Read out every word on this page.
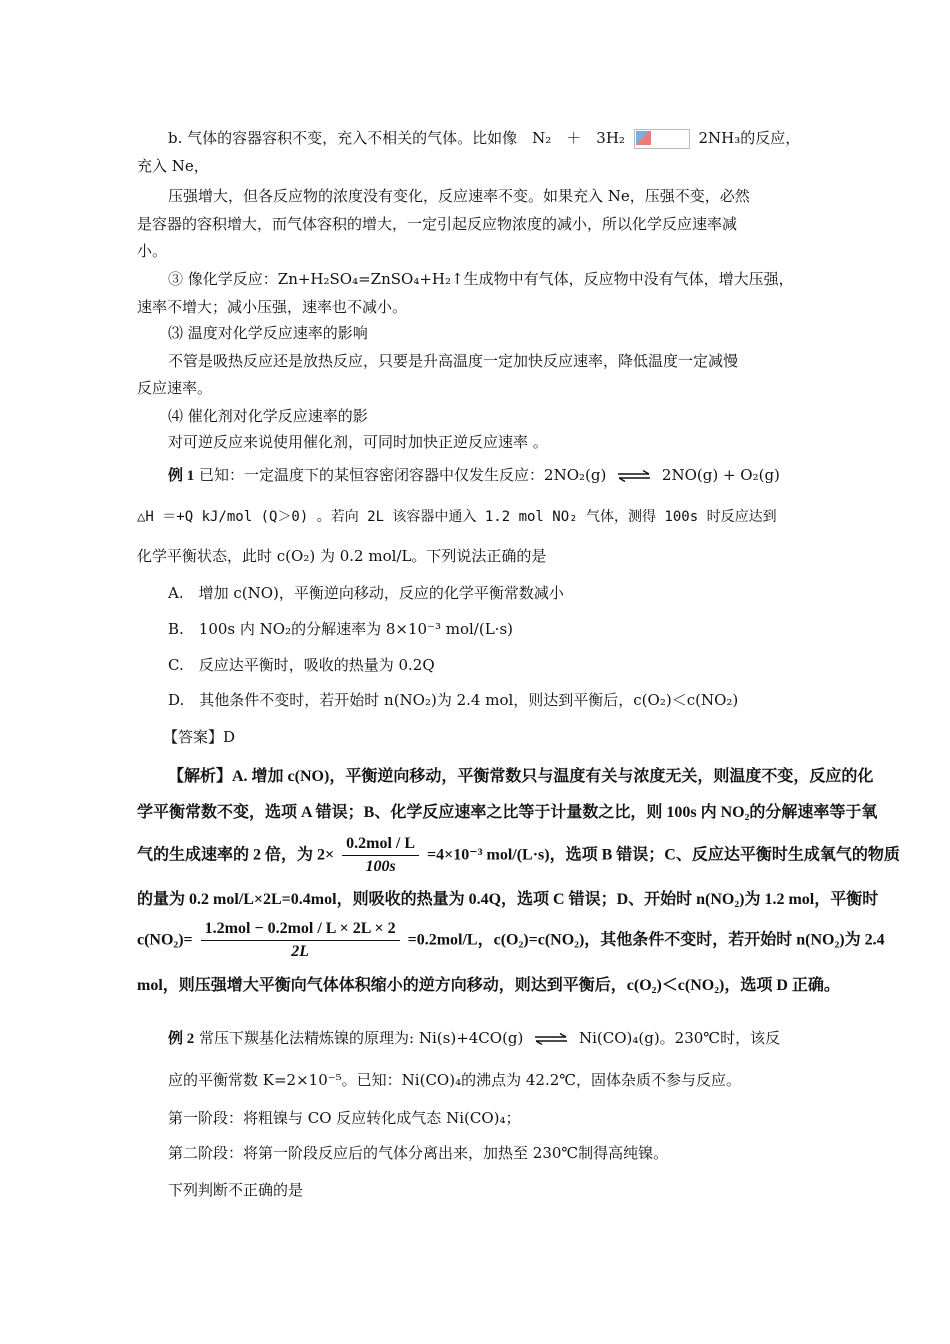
b. 气体的容器容积不变，充入不相关的气体。比如像　N₂　＋　3H₂	2NH₃的反应，
充入 Ne，
压强增大，但各反应物的浓度没有变化，反应速率不变。如果充入 Ne，压强不变，必然
是容器的容积增大，而气体容积的增大，一定引起反应物浓度的减小，所以化学反应速率减
小。
③ 像化学反应：Zn+H₂SO₄=ZnSO₄+H₂↑生成物中有气体，反应物中没有气体，增大压强，
速率不增大；减小压强，速率也不减小。
⑶ 温度对化学反应速率的影响
不管是吸热反应还是放热反应，只要是升高温度一定加快反应速率，降低温度一定减慢
反应速率。
⑷ 催化剂对化学反应速率的影
对可逆反应来说使用催化剂，可同时加快正逆反应速率 。
例 1 已知：一定温度下的某恒容密闭容器中仅发生反应：2NO₂(g) ⇌ 2NO(g) + O₂(g)
△H ＝+Q kJ/mol (Q＞0) 。若向 2L 该容器中通入 1.2 mol NO₂ 气体，测得 100s 时反应达到
化学平衡状态，此时 c(O₂) 为 0.2 mol/L。下列说法正确的是
A.　增加 c(NO)，平衡逆向移动，反应的化学平衡常数减小
B.　100s 内 NO₂的分解速率为 8×10⁻³ mol/(L·s)
C.　反应达平衡时，吸收的热量为 0.2Q
D.　其他条件不变时，若开始时 n(NO₂)为 2.4 mol，则达到平衡后，c(O₂)＜c(NO₂)
【答案】D
【解析】A. 增加 c(NO)，平衡逆向移动，平衡常数只与温度有关与浓度无关，则温度不变，反应的化
学平衡常数不变，选项 A 错误；B、化学反应速率之比等于计量数之比，则 100s 内 NO₂的分解速率等于氧
气的生成速率的 2 倍，为 $2\times \frac{\text{0.2mol / L}}{100s} =4\times 10^{-3}$ mol/(L·s)，选项 B 错误；C、反应达平衡时生成氧气的物质
的量为 0.2 mol/L×2L=0.4mol，则吸收的热量为 0.4Q，选项 C 错误；D、开始时 n(NO₂)为 1.2 mol，平衡时
$c(NO_2)= \frac{\text{1.2mol − 0.2mol / L × 2L × 2}}{2L} =0.2mol/L$，c(O₂)=c(NO₂)，其他条件不变时，若开始时 n(NO₂)为 2.4
mol，则压强增大平衡向气体体积缩小的逆方向移动，则达到平衡后，c(O₂)＜c(NO₂)，选项 D 正确。
例 2 常压下羰基化法精炼镍的原理为: Ni(s)+4CO(g) ⇌ Ni(CO)₄(g)。230℃时，该反
应的平衡常数 K=2×10⁻⁵。已知：Ni(CO)₄的沸点为 42.2℃，固体杂质不参与反应。
第一阶段：将粗镍与 CO 反应转化成气态 Ni(CO)₄；
第二阶段：将第一阶段反应后的气体分离出来，加热至 230℃制得高纯镍。
下列判断不正确的是
